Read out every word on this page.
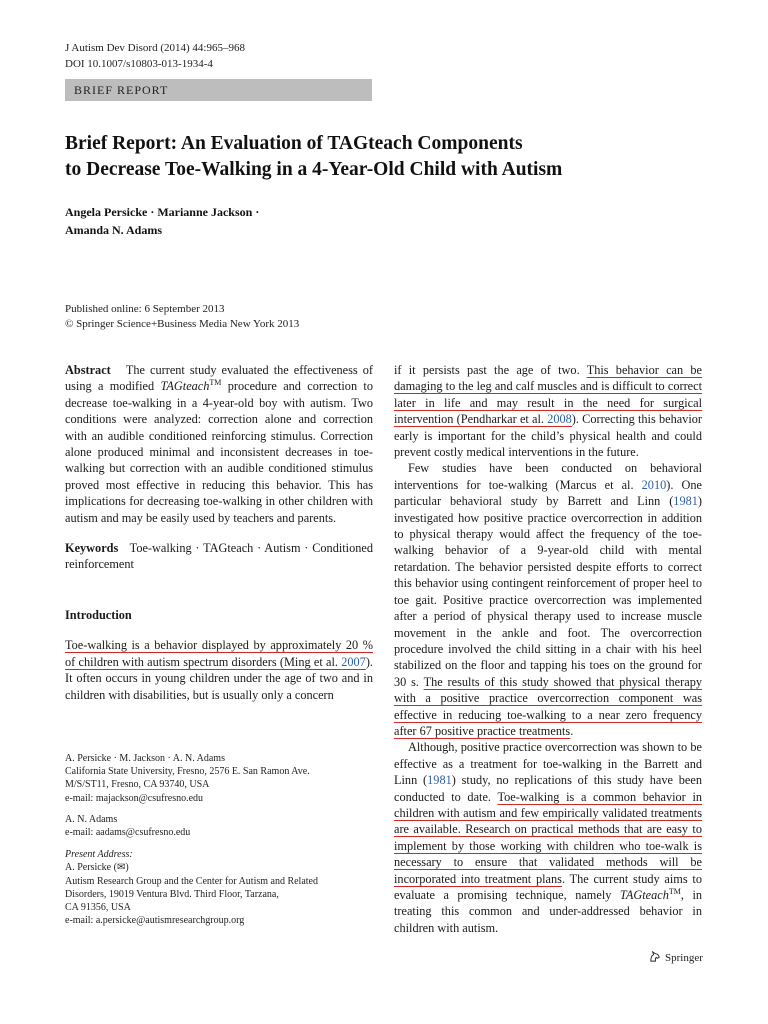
J Autism Dev Disord (2014) 44:965–968
DOI 10.1007/s10803-013-1934-4
BRIEF REPORT
Brief Report: An Evaluation of TAGteach Components
to Decrease Toe-Walking in a 4-Year-Old Child with Autism
Angela Persicke · Marianne Jackson ·
Amanda N. Adams
Published online: 6 September 2013
© Springer Science+Business Media New York 2013

Abstract The current study evaluated the effectiveness of using a modified TAGteach™ procedure and correction to decrease toe-walking in a 4-year-old boy with autism. Two conditions were analyzed: correction alone and correction with an audible conditioned reinforcing stimulus. Correction alone produced minimal and inconsistent decreases in toe-walking but correction with an audible conditioned stimulus proved most effective in reducing this behavior. This has implications for decreasing toe-walking in other children with autism and may be easily used by teachers and parents.

Keywords Toe-walking · TAGteach · Autism · Conditioned reinforcement

Introduction

Toe-walking is a behavior displayed by approximately 20 % of children with autism spectrum disorders (Ming et al. 2007). It often occurs in young children under the age of two and in children with disabilities, but is usually only a concern

if it persists past the age of two. This behavior can be damaging to the leg and calf muscles and is difficult to correct later in life and may result in the need for surgical intervention (Pendharkar et al. 2008). Correcting this behavior early is important for the child’s physical health and could prevent costly medical interventions in the future.

Few studies have been conducted on behavioral interventions for toe-walking (Marcus et al. 2010). One particular behavioral study by Barrett and Linn (1981) investigated how positive practice overcorrection in addition to physical therapy would affect the frequency of the toe-walking behavior of a 9-year-old child with mental retardation. The behavior persisted despite efforts to correct this behavior using contingent reinforcement of proper heel to toe gait. Positive practice overcorrection was implemented after a period of physical therapy used to increase muscle movement in the ankle and foot. The overcorrection procedure involved the child sitting in a chair with his heel stabilized on the floor and tapping his toes on the ground for 30 s. The results of this study showed that physical therapy with a positive practice overcorrection component was effective in reducing toe-walking to a near zero frequency after 67 positive practice treatments.

Although, positive practice overcorrection was shown to be effective as a treatment for toe-walking in the Barrett and Linn (1981) study, no replications of this study have been conducted to date. Toe-walking is a common behavior in children with autism and few empirically validated treatments are available. Research on practical methods that are easy to implement by those working with children who toe-walk is necessary to ensure that validated methods will be incorporated into treatment plans. The current study aims to evaluate a promising technique, namely TAGteach™, in treating this common and under-addressed behavior in children with autism.

A. Persicke · M. Jackson · A. N. Adams

California State University, Fresno, 2576 E. San Ramon Ave.

M/S/ST11, Fresno, CA 93740, USA

e-mail: majackson@csufresno.edu

A. N. Adams

e-mail: aadams@csufresno.edu

Present Address:

A. Persicke (✉)

Autism Research Group and the Center for Autism and Related

Disorders, 19019 Ventura Blvd. Third Floor, Tarzana,

CA 91356, USA

e-mail: a.persicke@autismresearchgroup.org

Springer
